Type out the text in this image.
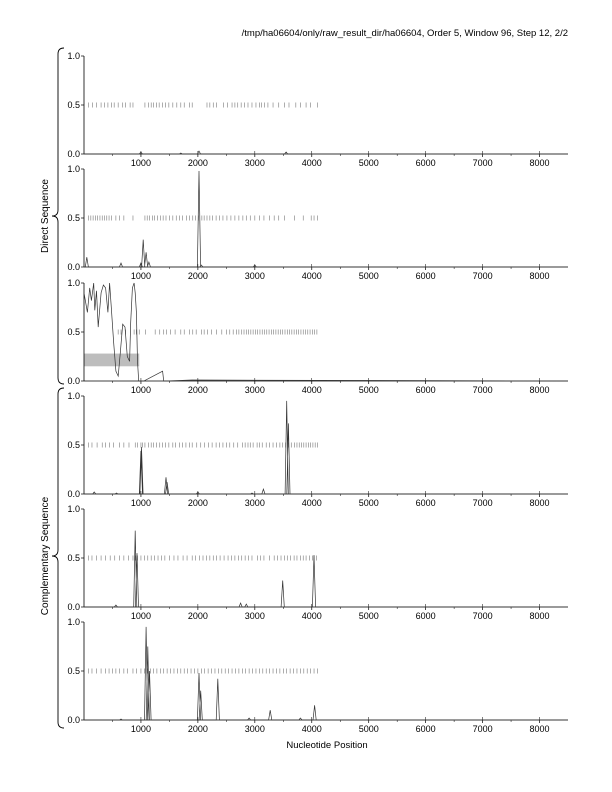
/tmp/ha06604/only/raw_result_dir/ha06604, Order 5, Window 96, Step 12, 2/2
0.0
0.5
1.0
1000	2000	3000	4000	5000	6000	7000	8000
0.0
0.5
1.0
1000	2000	3000	4000	5000	6000	7000	8000
0.0
0.5
1.0
1000	2000	3000	4000	5000	6000	7000	8000
0.0
0.5
1.0
1000	2000	3000	4000	5000	6000	7000	8000
0.0
0.5
1.0
1000	2000	3000	4000	5000	6000	7000	8000
0.0
0.5
1.0
1000	2000	3000	4000	5000	6000	7000	8000
Direct Sequence
Complementary Sequence
Nucleotide Position
